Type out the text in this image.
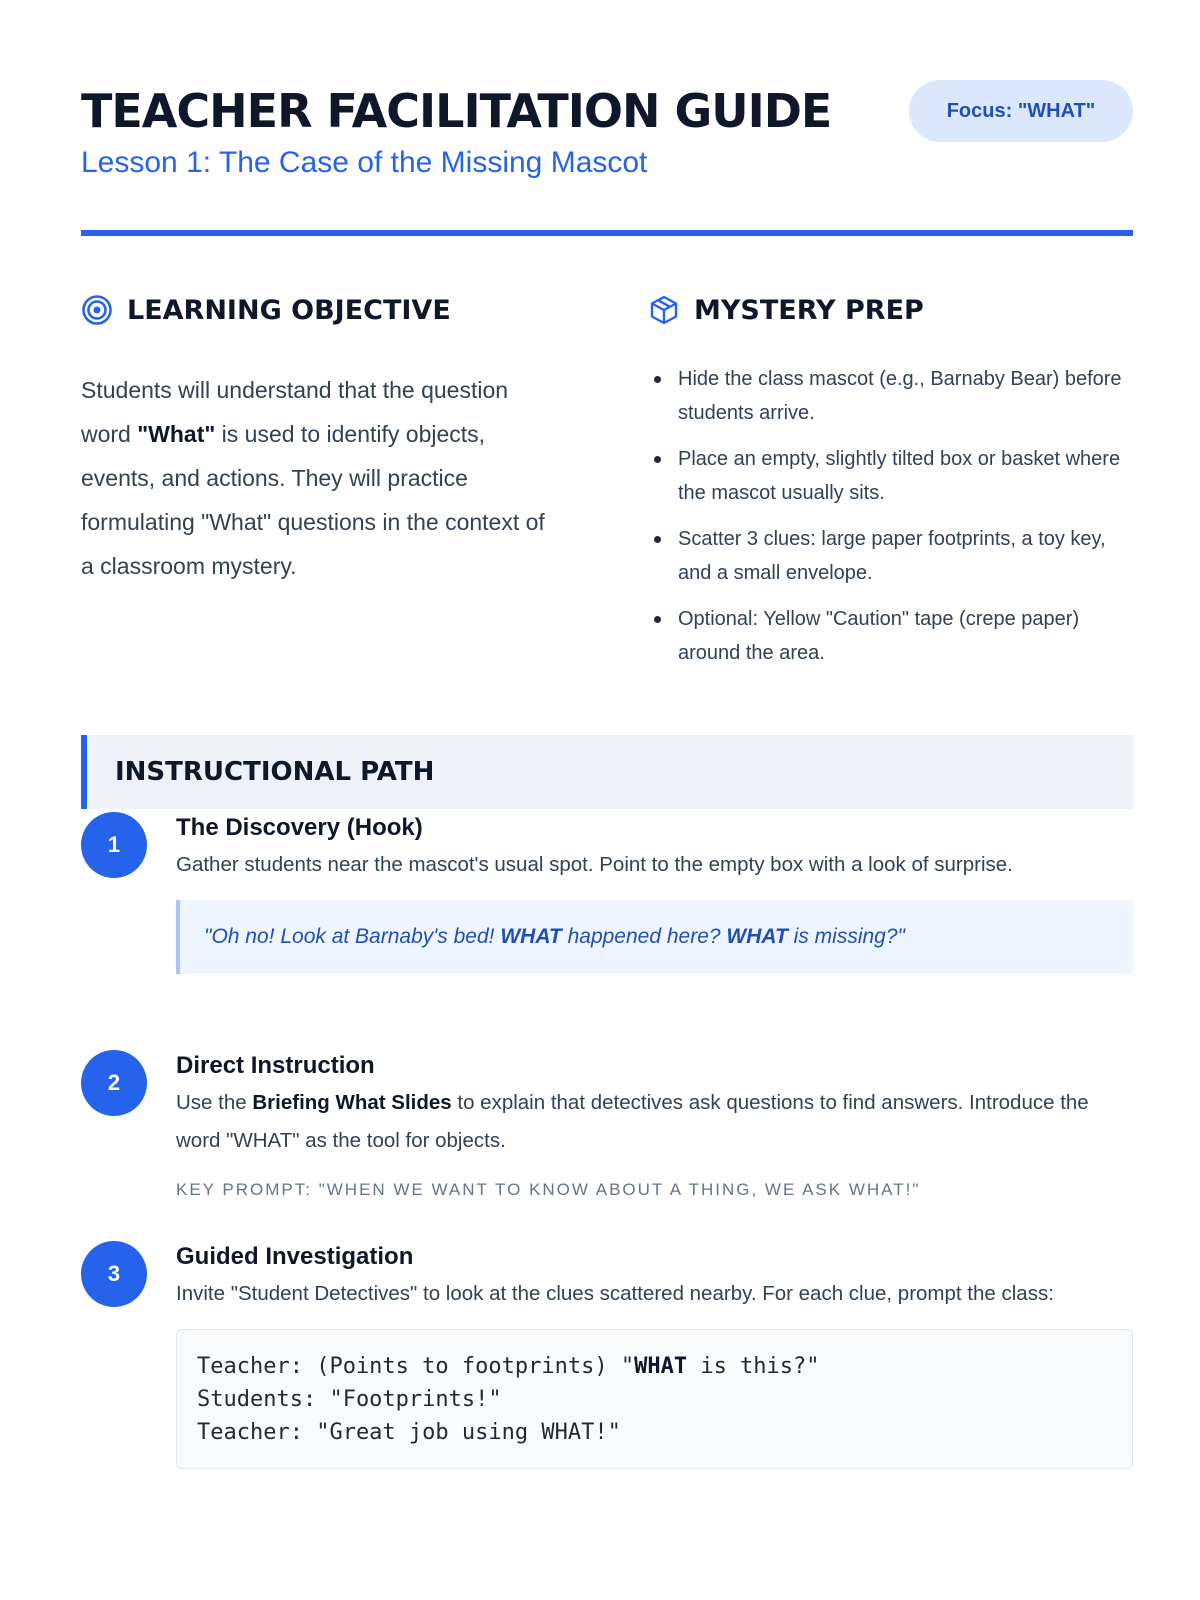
TEACHER FACILITATION GUIDE	Focus: "WHAT"
Lesson 1: The Case of the Missing Mascot
LEARNING OBJECTIVE

Students will understand that the question word "What" is used to identify objects, events, and actions. They will practice formulating "What" questions in the context of a classroom mystery.

MYSTERY PREP
Hide the class mascot (e.g., Barnaby Bear) before students arrive.
Place an empty, slightly tilted box or basket where the mascot usually sits.
Scatter 3 clues: large paper footprints, a toy key, and a small envelope.
Optional: Yellow "Caution" tape (crepe paper) around the area.
INSTRUCTIONAL PATH
1
The Discovery (Hook)
Gather students near the mascot's usual spot. Point to the empty box with a look of surprise.
"Oh no! Look at Barnaby's bed! WHAT happened here? WHAT is missing?"
2
Direct Instruction
Use the Briefing What Slides to explain that detectives ask questions to find answers. Introduce the word "WHAT" as the tool for objects.
KEY PROMPT: "WHEN WE WANT TO KNOW ABOUT A THING, WE ASK WHAT!"
3
Guided Investigation
Invite "Student Detectives" to look at the clues scattered nearby. For each clue, prompt the class:
Teacher: (Points to footprints) "WHAT is this?"
Students: "Footprints!"
Teacher: "Great job using WHAT!"
